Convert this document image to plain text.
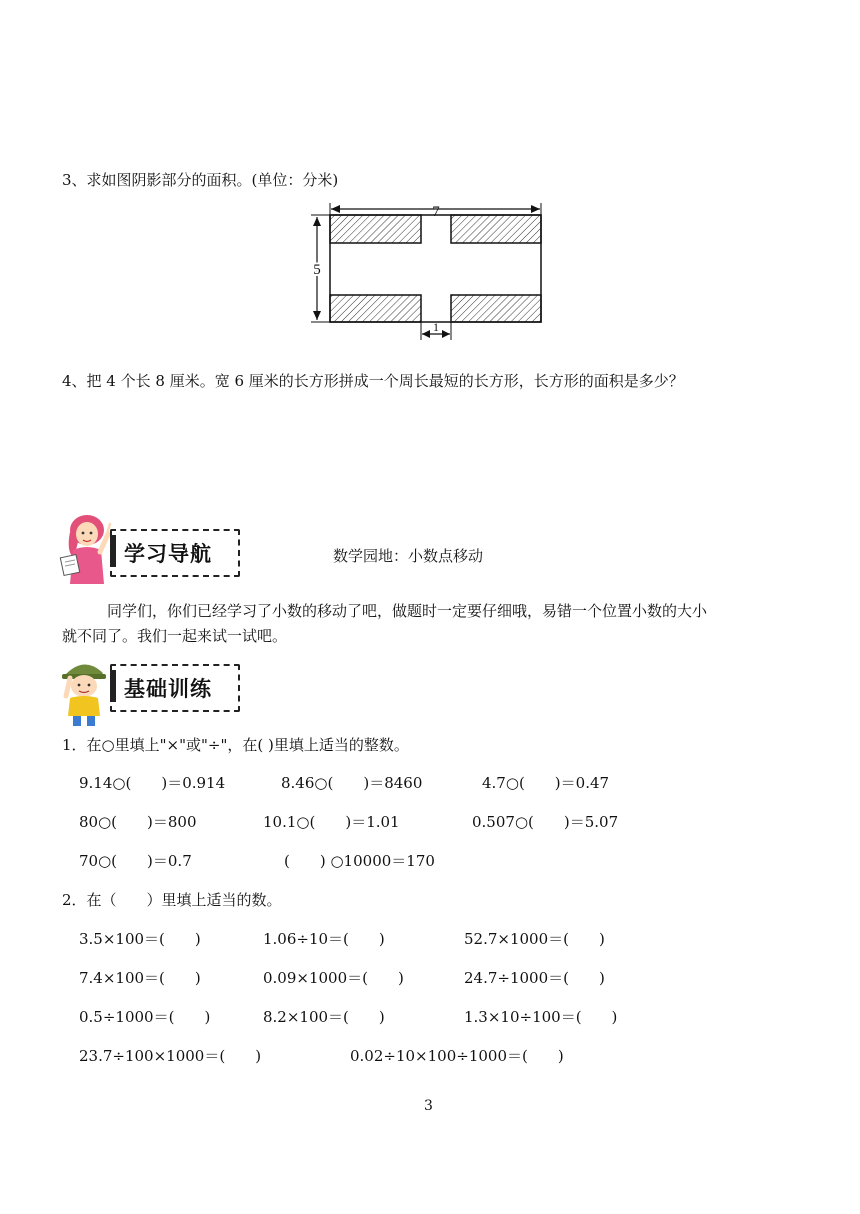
3、求如图阴影部分的面积。(单位：分米)
7
5
1
4、把 4 个长 8 厘米。宽 6 厘米的长方形拼成一个周长最短的长方形，长方形的面积是多少？
学习导航	数学园地：小数点移动
同学们，你们已经学习了小数的移动了吧，做题时一定要仔细哦，易错一个位置小数的大小
就不同了。我们一起来试一试吧。
基础训练
1．在○里填上"×"或"÷"，在( )里填上适当的整数。
9.14○(　　)＝0.914	8.46○(　　)＝8460	4.7○(　　)＝0.47
80○(　　)＝800	10.1○(　　)＝1.01	0.507○(　　)＝5.07
70○(　　)＝0.7	(　　) ○10000＝170
2．在（　　）里填上适当的数。
3.5×100＝(　　)	1.06÷10＝(　　)	52.7×1000＝(　　)
7.4×100＝(　　)	0.09×1000＝(　　)	24.7÷1000＝(　　)
0.5÷1000＝(　　)	8.2×100＝(　　)	1.3×10÷100＝(　　)
23.7÷100×1000＝(　　)	0.02÷10×100÷1000＝(　　)
3
